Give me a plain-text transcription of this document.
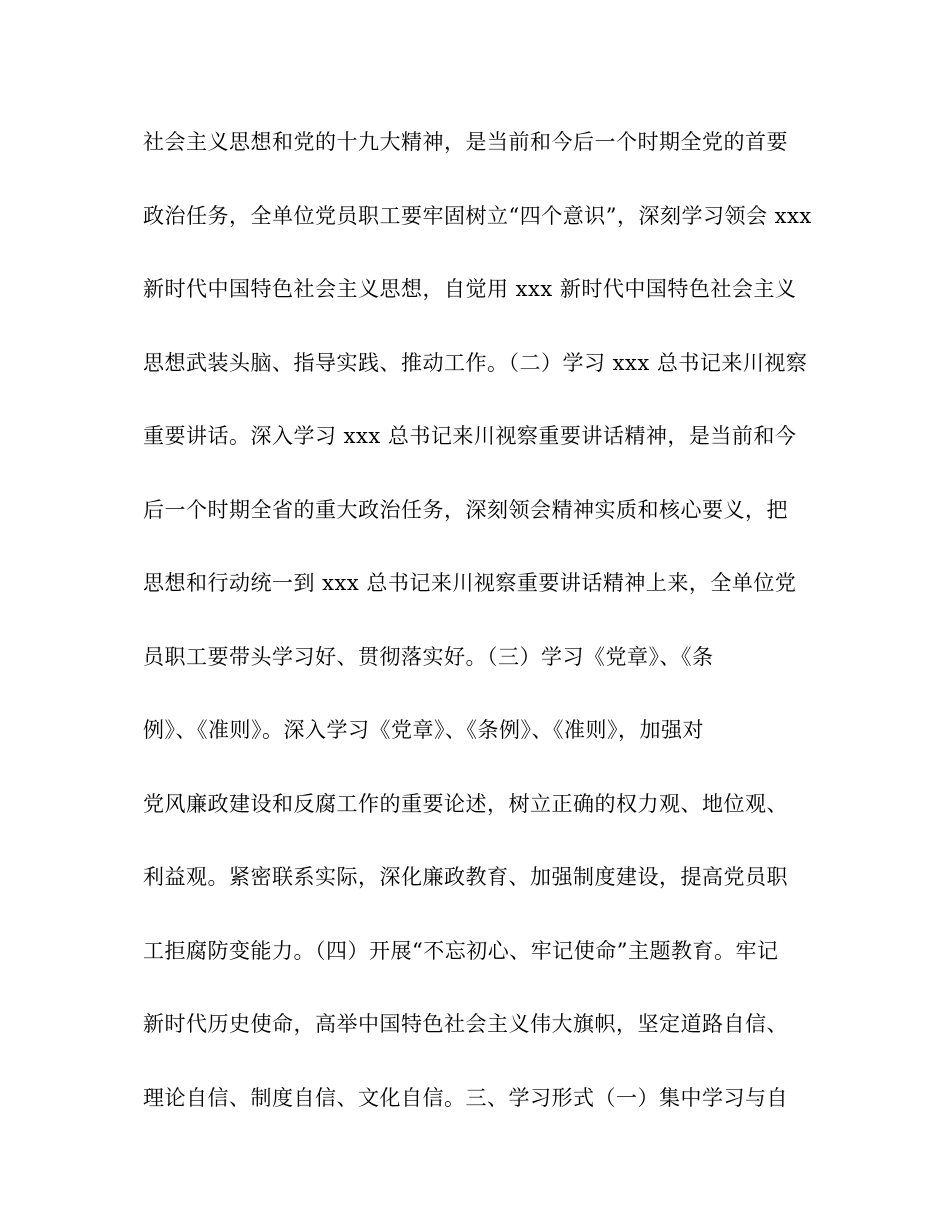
社会主义思想和党的十九大精神，是当前和今后一个时期全党的首要
政治任务，全单位党员职工要牢固树立“四个意识”，深刻学习领会 xxx
新时代中国特色社会主义思想，自觉用 xxx 新时代中国特色社会主义
思想武装头脑、指导实践、推动工作。（二）学习 xxx 总书记来川视察
重要讲话。深入学习 xxx 总书记来川视察重要讲话精神，是当前和今
后一个时期全省的重大政治任务，深刻领会精神实质和核心要义，把
思想和行动统一到 xxx 总书记来川视察重要讲话精神上来，全单位党
员职工要带头学习好、贯彻落实好。（三）学习《党章》、《条
例》、《准则》。深入学习《党章》、《条例》、《准则》，加强对
党风廉政建设和反腐工作的重要论述，树立正确的权力观、地位观、
利益观。紧密联系实际，深化廉政教育、加强制度建设，提高党员职
工拒腐防变能力。（四）开展“不忘初心、牢记使命”主题教育。牢记
新时代历史使命，高举中国特色社会主义伟大旗帜，坚定道路自信、
理论自信、制度自信、文化自信。三、学习形式（一）集中学习与自
